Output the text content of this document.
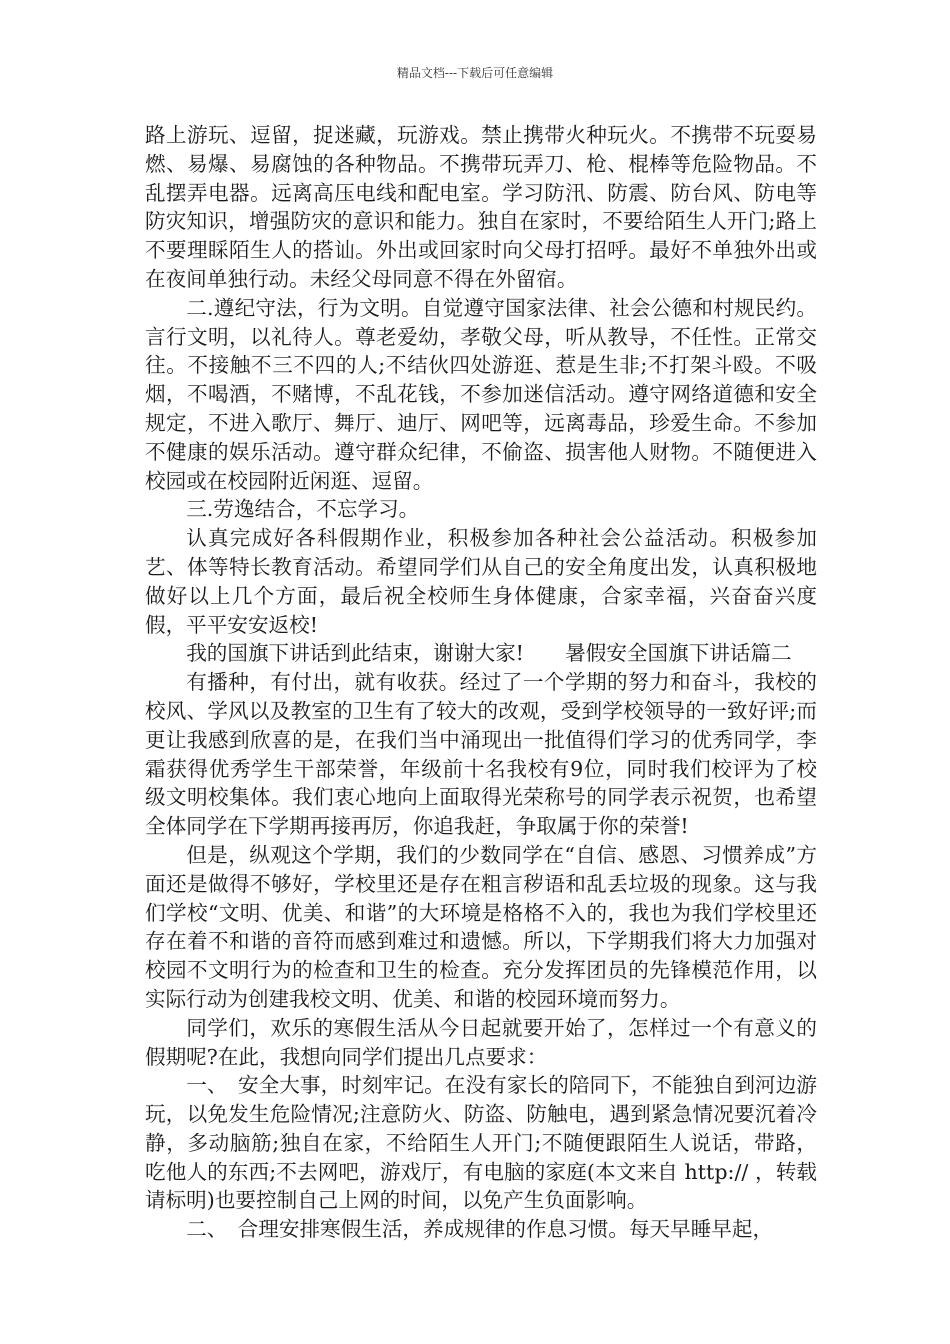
精品文档---下载后可任意编辑

路上游玩、逗留，捉迷藏，玩游戏。禁止携带火种玩火。不携带不玩耍易燃、易爆、易腐蚀的各种物品。不携带玩弄刀、枪、棍棒等危险物品。不乱摆弄电器。远离高压电线和配电室。学习防汛、防震、防台风、防电等防灾知识，增强防灾的意识和能力。独自在家时，不要给陌生人开门;路上不要理睬陌生人的搭讪。外出或回家时向父母打招呼。最好不单独外出或在夜间单独行动。未经父母同意不得在外留宿。

二.遵纪守法，行为文明。自觉遵守国家法律、社会公德和村规民约。言行文明，以礼待人。尊老爱幼，孝敬父母，听从教导，不任性。正常交往。不接触不三不四的人;不结伙四处游逛、惹是生非;不打架斗殴。不吸烟，不喝酒，不赌博，不乱花钱，不参加迷信活动。遵守网络道德和安全规定，不进入歌厅、舞厅、迪厅、网吧等，远离毒品，珍爱生命。不参加不健康的娱乐活动。遵守群众纪律，不偷盗、损害他人财物。不随便进入校园或在校园附近闲逛、逗留。

三.劳逸结合，不忘学习。

认真完成好各科假期作业，积极参加各种社会公益活动。积极参加艺、体等特长教育活动。希望同学们从自己的安全角度出发，认真积极地做好以上几个方面，最后祝全校师生身体健康，合家幸福，兴奋奋兴度假，平平安安返校!

我的国旗下讲话到此结束，谢谢大家!　　暑假安全国旗下讲话篇二

有播种，有付出，就有收获。经过了一个学期的努力和奋斗，我校的校风、学风以及教室的卫生有了较大的改观，受到学校领导的一致好评;而更让我感到欣喜的是，在我们当中涌现出一批值得们学习的优秀同学，李霜获得优秀学生干部荣誉，年级前十名我校有9位，同时我们校评为了校级文明校集体。我们衷心地向上面取得光荣称号的同学表示祝贺，也希望全体同学在下学期再接再厉，你追我赶，争取属于你的荣誉!

但是，纵观这个学期，我们的少数同学在“自信、感恩、习惯养成”方面还是做得不够好，学校里还是存在粗言秽语和乱丢垃圾的现象。这与我们学校“文明、优美、和谐”的大环境是格格不入的，我也为我们学校里还存在着不和谐的音符而感到难过和遗憾。所以，下学期我们将大力加强对校园不文明行为的检查和卫生的检查。充分发挥团员的先锋模范作用，以实际行动为创建我校文明、优美、和谐的校园环境而努力。

同学们，欢乐的寒假生活从今日起就要开始了，怎样过一个有意义的假期呢?在此，我想向同学们提出几点要求：

一、　安全大事，时刻牢记。在没有家长的陪同下，不能独自到河边游玩，以免发生危险情况;注意防火、防盗、防触电，遇到紧急情况要沉着冷静，多动脑筋;独自在家，不给陌生人开门;不随便跟陌生人说话，带路，吃他人的东西;不去网吧，游戏厅，有电脑的家庭(本文来自 http:// ，转载请标明)也要控制自己上网的时间，以免产生负面影响。

二、　合理安排寒假生活，养成规律的作息习惯。每天早睡早起，
